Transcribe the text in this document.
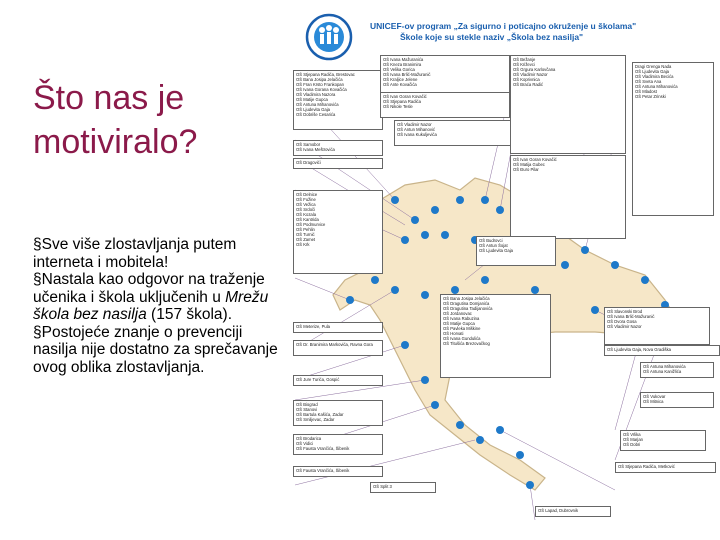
Što nas je
motiviralo?

§Sve više zlostavljanja putem interneta i mobitela!

§Nastala kao odgovor na traženje učenika i škola uključenih u Mrežu škola bez nasilja (157 škola).

§Postojeće znanje o prevenciji nasilja nije dostatno za sprečavanje ovog oblika zlostavljanja.

UNICEF-ov program „Za sigurno i poticajno okruženje u školama"
Škole koje su stekle naziv „Škola bez nasilja"
OŠ Stjepana Radića, Brestovac
OŠ Bana Josipa Jelačića
OŠ Fran Krsto Frankopan
OŠ Ivana Gorana Kovačića
OŠ Vladimira Nazora
OŠ Matije Gupca
OŠ Antuna Mihanovića
OŠ Ljudevita Gaja
OŠ Dobriše Cesarića
OŠ Samobor
OŠ Ivana Meštrovića
OŠ Dragovići
OŠ Delnice
OŠ Fužine
OŠ Vežica
OŠ Srdoči
OŠ Kozala
OŠ Kantrida
OŠ Podmurvice
OŠ Pehlin
OŠ Turnić
OŠ Zamet
OŠ Krk
OŠ Meterize, Pula
OŠ Dr. Branimira Markovića, Ravna Gora
OŠ Jure Turića, Gospić
OŠ Biograd
OŠ Stanovi
OŠ Bartula Kašića, Zadar
OŠ Smiljevac, Zadar
OŠ Brodarica
OŠ Vidici
OŠ Fausta Vrančića, Šibenik
OŠ Fausta Vrančića, Šibenik
OŠ Split 3
OŠ Ivana Mažuranića
OŠ Kneza Branimira
OŠ Velika Gorica
OŠ Ivana Brlić-Mažuranić
OŠ Kraljice Jelene
OŠ Ante Kovačića
OŠ Ivan Goran Kovačić
OŠ Stjepana Radića
OŠ Nikole Tesle
OŠ Vladimir Nazor
OŠ Antun Mihanović
OŠ Ivana Kukuljevića
OŠ Bežanje
OŠ Križevci
OŠ Grgura Karlovčana
OŠ Vladimir Nazor
OŠ Koprivnica
OŠ Braća Radić
OŠ Ivan Goran Kovačić
OŠ Matija Gubec
OŠ Đuro Pilar
Dragi Grenga Nada
OŠ Ljudevita Gaja
OŠ Vladimira Becića
OŠ Sveta Ana
OŠ Antuna Mihanovića
OŠ Mladost
OŠ Petar Zrinski
OŠ Budrovci
OŠ Antun Šojat
OŠ Ljudevita Gaja
OŠ Bana Josipa Jelačića
OŠ Dragutina Domjanića
OŠ Dragutina Tadijanovića
OŠ Jordanovac
OŠ Ivana Rabuzina
OŠ Matije Gupca
OŠ Pavleka Miškine
OŠ Horvati
OŠ Ivana Gundulića
OŠ Titušića Brezovačkog
OŠ Slavonski Brod
OŠ Ivana Brlić-Mažuranić
OŠ Dvora Gosa
OŠ Vladimir Nazor
OŠ Ljudevita Gaja, Nova Gradiška
OŠ Antuna Mihanovića
OŠ Antuna Kanižlića
OŠ Vukovar
OŠ Mitnica
OŠ Vrlika
OŠ Marjan
OŠ Dobri
OŠ Stjepana Radića, Metković
OŠ Lapad, Dubrovnik
